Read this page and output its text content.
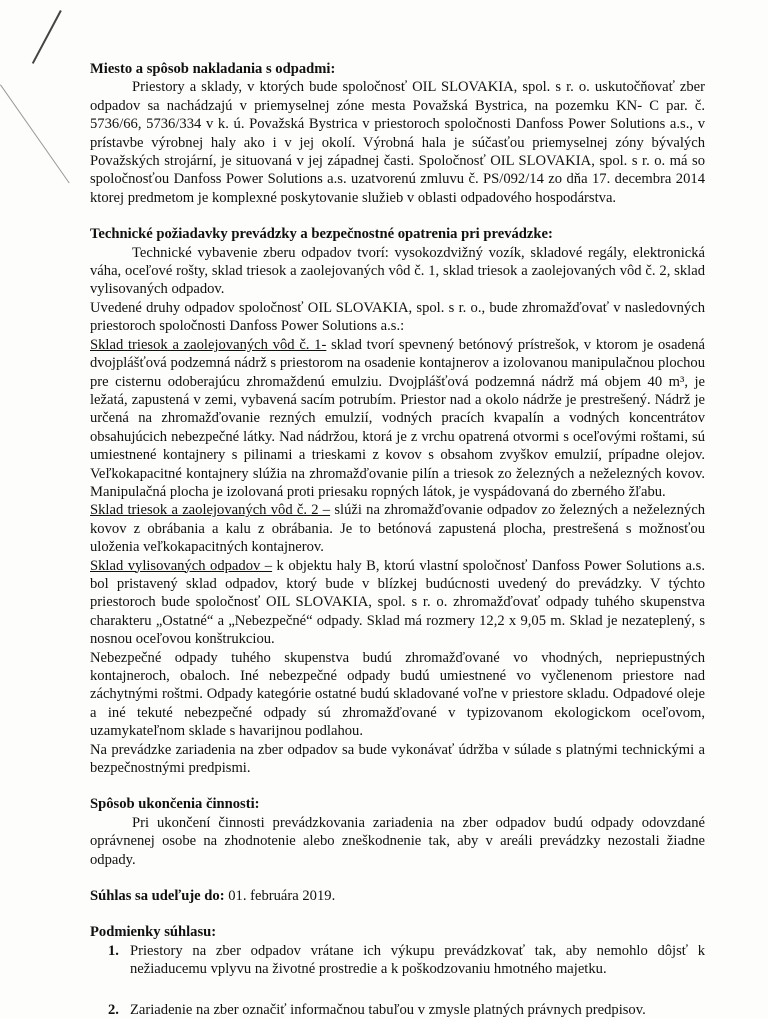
Miesto a spôsob nakladania s odpadmi:

Priestory a sklady, v ktorých bude spoločnosť OIL SLOVAKIA, spol. s r. o. uskutočňovať zber odpadov sa nachádzajú v priemyselnej zóne mesta Považská Bystrica, na pozemku KN- C par. č. 5736/66, 5736/334 v k. ú. Považská Bystrica v priestoroch spoločnosti Danfoss Power Solutions a.s., v prístavbe výrobnej haly ako i v jej okolí. Výrobná hala je súčasťou priemyselnej zóny bývalých Považských strojární, je situovaná v jej západnej časti. Spoločnosť OIL SLOVAKIA, spol. s r. o. má so spoločnosťou Danfoss Power Solutions a.s. uzatvorenú zmluvu č. PS/092/14 zo dňa 17. decembra 2014 ktorej predmetom je komplexné poskytovanie služieb v oblasti odpadového hospodárstva.

Technické požiadavky prevádzky a bezpečnostné opatrenia pri prevádzke:

Technické vybavenie zberu odpadov tvorí: vysokozdvižný vozík, skladové regály, elektronická váha, oceľové rošty, sklad triesok a zaolejovaných vôd č. 1, sklad triesok a zaolejovaných vôd č. 2, sklad vylisovaných odpadov.

Uvedené druhy odpadov spoločnosť OIL SLOVAKIA, spol. s r. o., bude zhromažďovať v nasledovných priestoroch spoločnosti Danfoss Power Solutions a.s.:

Sklad triesok a zaolejovaných vôd č. 1- sklad tvorí spevnený betónový prístrešok, v ktorom je osadená dvojplášťová podzemná nádrž s priestorom na osadenie kontajnerov a izolovanou manipulačnou plochou pre cisternu odoberajúcu zhromaždenú emulziu. Dvojplášťová podzemná nádrž má objem 40 m³, je ležatá, zapustená v zemi, vybavená sacím potrubím. Priestor nad a okolo nádrže je prestrešený. Nádrž je určená na zhromažďovanie rezných emulzií, vodných pracích kvapalín a vodných koncentrátov obsahujúcich nebezpečné látky. Nad nádržou, ktorá je z vrchu opatrená otvormi s oceľovými roštami, sú umiestnené kontajnery s pilinami a trieskami z kovov s obsahom zvyškov emulzií, prípadne olejov. Veľkokapacitné kontajnery slúžia na zhromažďovanie pilín a triesok zo železných a neželezných kovov. Manipulačná plocha je izolovaná proti priesaku ropných látok, je vyspádovaná do zberného žľabu.

Sklad triesok a zaolejovaných vôd č. 2 – slúži na zhromažďovanie odpadov zo železných a neželezných kovov z obrábania a kalu z obrábania. Je to betónová zapustená plocha, prestrešená s možnosťou uloženia veľkokapacitných kontajnerov.

Sklad vylisovaných odpadov – k objektu haly B, ktorú vlastní spoločnosť Danfoss Power Solutions a.s. bol pristavený sklad odpadov, ktorý bude v blízkej budúcnosti uvedený do prevádzky. V týchto priestoroch bude spoločnosť OIL SLOVAKIA, spol. s r. o. zhromažďovať odpady tuhého skupenstva charakteru „Ostatné“ a „Nebezpečné“ odpady. Sklad má rozmery 12,2 x 9,05 m. Sklad je nezateplený, s nosnou oceľovou konštrukciou.

Nebezpečné odpady tuhého skupenstva budú zhromažďované vo vhodných, nepriepustných kontajneroch, obaloch. Iné nebezpečné odpady budú umiestnené vo vyčlenenom priestore nad záchytnými roštmi. Odpady kategórie ostatné budú skladované voľne v priestore skladu. Odpadové oleje a iné tekuté nebezpečné odpady sú zhromažďované v typizovanom ekologickom oceľovom, uzamykateľnom sklade s havarijnou podlahou.

Na prevádzke zariadenia na zber odpadov sa bude vykonávať údržba v súlade s platnými technickými a bezpečnostnými predpismi.

Spôsob ukončenia činnosti:

Pri ukončení činnosti prevádzkovania zariadenia na zber odpadov budú odpady odovzdané oprávnenej osobe na zhodnotenie alebo zneškodnenie tak, aby v areáli prevádzky nezostali žiadne odpady.

Súhlas sa udeľuje do: 01. februára 2019.

Podmienky súhlasu:
1. Priestory na zber odpadov vrátane ich výkupu prevádzkovať tak, aby nemohlo dôjsť k nežiaducemu vplyvu na životné prostredie a k poškodzovaniu hmotného majetku.
2. Zariadenie na zber označiť informačnou tabuľou v zmysle platných právnych predpisov.
